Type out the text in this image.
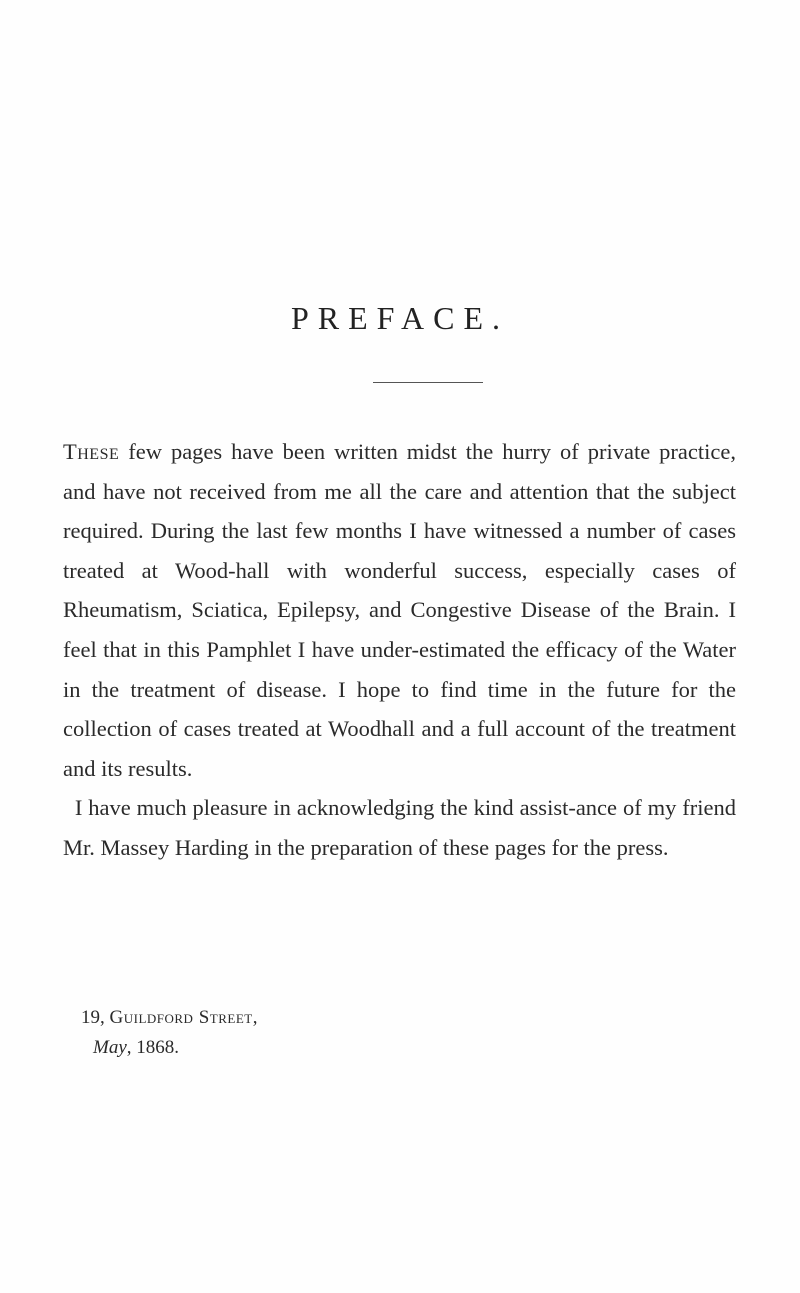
PREFACE.

These few pages have been written midst the hurry of private practice, and have not received from me all the care and attention that the subject required. During the last few months I have witnessed a number of cases treated at Wood-hall with wonderful success, especially cases of Rheumatism, Sciatica, Epilepsy, and Congestive Disease of the Brain. I feel that in this Pamphlet I have under-estimated the efficacy of the Water in the treatment of disease. I hope to find time in the future for the collection of cases treated at Woodhall and a full account of the treatment and its results.

I have much pleasure in acknowledging the kind assist-ance of my friend Mr. Massey Harding in the preparation of these pages for the press.

19, Guildford Street,
May, 1868.
